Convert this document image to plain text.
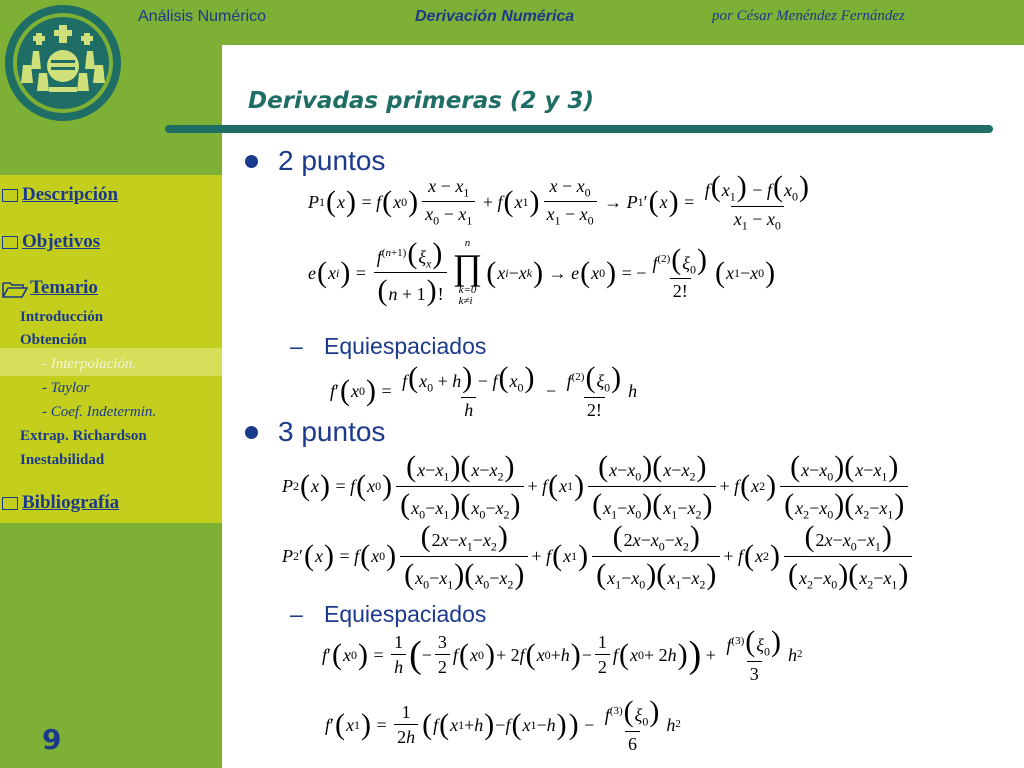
Análisis Numérico	Derivación Numérica	por César Menéndez Fernández
Derivadas primeras (2 y 3)
Descripción
Objetivos
Temario
Introducción
Obtención
- Interpolación.
- Taylor
- Coef. Indetermin.
Extrap. Richardson
Inestabilidad
Bibliografía
9
2 puntos
– Equiespaciados
3 puntos
– Equiespaciados
P 1 ( x ) = f ( x 0 ) $\frac{x - x_1}{x_0 - x_1} + f$ ( x 1 ) $\frac{x - x_0}{x_1 - x_0} \to P$ 1 ′ ( x ) = $\frac{f(x_1) - f(x_0)}{x_1 - x_0}$
e ( x i ) = $\frac{f^{(n+1)}(\xi_x)}{(n + 1)!}$ n
∏
k=0
k≠i
( x i − x k ) → e ( x 0 ) = − $\frac{f^{(2)}(\xi_0)}{2!}$ ( x 1 − x 0 )
f ′ ( x 0 ) = $\frac{f(x_0 + h) - f(x_0)}{h} - \frac{f^{(2)}(\xi_0)}{2!}$ h
P 2 ( x ) = f ( x 0 ) $\frac{(x-x_1)(x-x_2)}{(x_0-x_1)(x_0-x_2)} + f$ ( x 1 ) $\frac{(x-x_0)(x-x_2)}{(x_1-x_0)(x_1-x_2)} + f$ ( x 2 ) $\frac{(x-x_0)(x-x_1)}{(x_2-x_0)(x_2-x_1)}$
P 2 ′ ( x ) = f ( x 0 ) $\frac{(2x-x_1-x_2)}{(x_0-x_1)(x_0-x_2)} + f$ ( x 1 ) $\frac{(2x-x_0-x_2)}{(x_1-x_0)(x_1-x_2)} + f$ ( x 2 ) $\frac{(2x-x_0-x_1)}{(x_2-x_0)(x_2-x_1)}$
f ′ ( x 0 ) = $\frac{1}{h}$ ( − $\frac{3}{2}$ f ( x 0 ) + 2 f ( x 0 + h ) − $\frac{1}{2}$ f ( x 0 + 2 h ) ) + $\frac{f^{(3)}(\xi_0)}{3}$ h 2
f ′ ( x 1 ) = $\frac{1}{2h}$ ( f ( x 1 + h ) − f ( x 1 − h ) ) − $\frac{f^{(3)}(\xi_0)}{6}$ h 2
